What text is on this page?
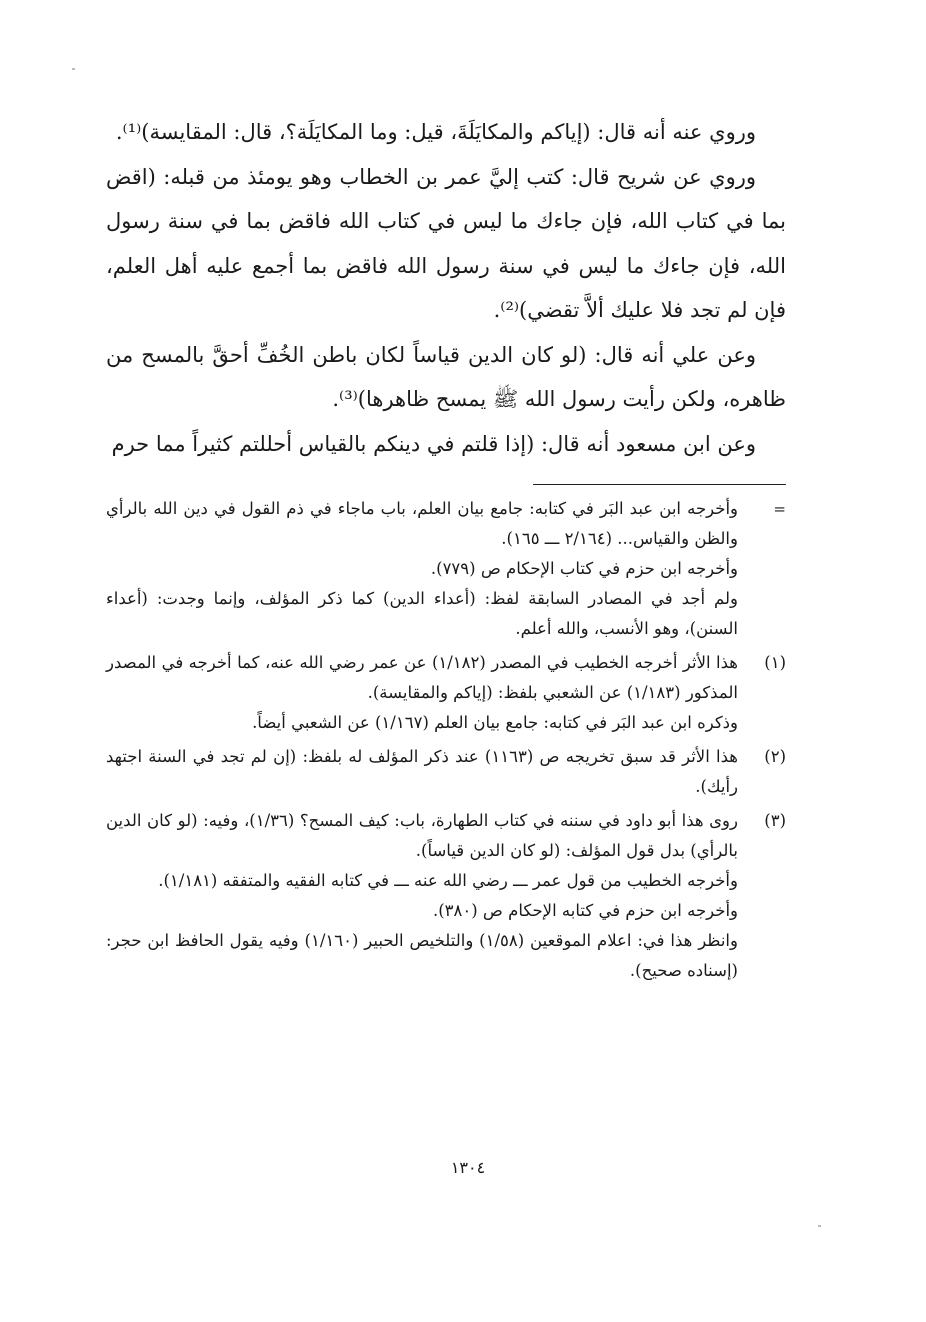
وروي عنه أنه قال: (إياكم والمكايَلَةَ، قيل: وما المكايَلَة؟، قال: المقايسة)⁽¹⁾.

وروي عن شريح قال: كتب إليَّ عمر بن الخطاب وهو يومئذ من قبله: (اقض بما في كتاب الله، فإن جاءك ما ليس في كتاب الله فاقض بما في سنة رسول الله، فإن جاءك ما ليس في سنة رسول الله فاقض بما أجمع عليه أهل العلم، فإن لم تجد فلا عليك ألاَّ تقضي)⁽²⁾.

وعن علي أنه قال: (لو كان الدين قياساً لكان باطن الخُفِّ أحقَّ بالمسح من ظاهره، ولكن رأيت رسول الله ﷺ يمسح ظاهرها)⁽³⁾.

وعن ابن مسعود أنه قال: (إذا قلتم في دينكم بالقياس أحللتم كثيراً مما حرم

=
وأخرجه ابن عبد البَر في كتابه: جامع بيان العلم، باب ماجاء في ذم القول في دين الله بالرأي والظن والقياس... (٢/١٦٤ ـــ ١٦٥).
وأخرجه ابن حزم في كتاب الإحكام ص (٧٧٩).
ولم أجد في المصادر السابقة لفظ: (أعداء الدين) كما ذكر المؤلف، وإنما وجدت: (أعداء السنن)، وهو الأنسب، والله أعلم.
(١)
هذا الأثر أخرجه الخطيب في المصدر (١/١٨٢) عن عمر رضي الله عنه، كما أخرجه في المصدر المذكور (١/١٨٣) عن الشعبي بلفظ: (إياكم والمقايسة).
وذكره ابن عبد البَر في كتابه: جامع بيان العلم (١/١٦٧) عن الشعبي أيضاً.
(٢)
هذا الأثر قد سبق تخريجه ص (١١٦٣) عند ذكر المؤلف له بلفظ: (إن لم تجد في السنة اجتهد رأيك).
(٣)
روى هذا أبو داود في سننه في كتاب الطهارة، باب: كيف المسح؟ (١/٣٦)، وفيه: (لو كان الدين بالرأي) بدل قول المؤلف: (لو كان الدين قياساً).
وأخرجه الخطيب من قول عمر ـــ رضي الله عنه ـــ في كتابه الفقيه والمتفقه (١/١٨١).
وأخرجه ابن حزم في كتابه الإحكام ص (٣٨٠).
وانظر هذا في: اعلام الموقعين (١/٥٨) والتلخيص الحبير (١/١٦٠) وفيه يقول الحافظ ابن حجر: (إسناده صحيح).
١٣٠٤
